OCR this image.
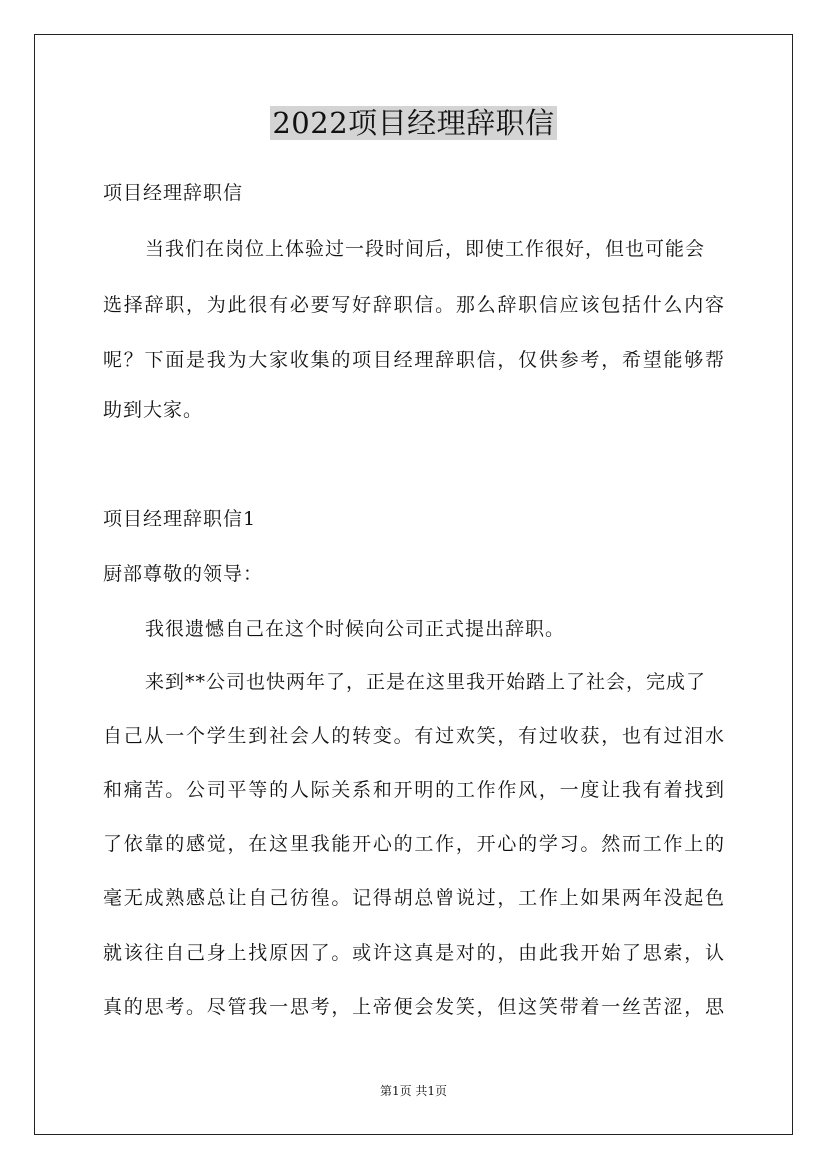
2022项目经理辞职信
项目经理辞职信
当我们在岗位上体验过一段时间后，即使工作很好，但也可能会
选择辞职，为此很有必要写好辞职信。那么辞职信应该包括什么内容
呢？下面是我为大家收集的项目经理辞职信，仅供参考，希望能够帮
助到大家。
项目经理辞职信1
厨部尊敬的领导：
我很遗憾自己在这个时候向公司正式提出辞职。
来到**公司也快两年了，正是在这里我开始踏上了社会，完成了
自己从一个学生到社会人的转变。有过欢笑，有过收获，也有过泪水
和痛苦。公司平等的人际关系和开明的工作作风，一度让我有着找到
了依靠的感觉，在这里我能开心的工作，开心的学习。然而工作上的
毫无成熟感总让自己彷徨。记得胡总曾说过，工作上如果两年没起色
就该往自己身上找原因了。或许这真是对的，由此我开始了思索，认
真的思考。尽管我一思考，上帝便会发笑，但这笑带着一丝苦涩，思
第1页 共1页
